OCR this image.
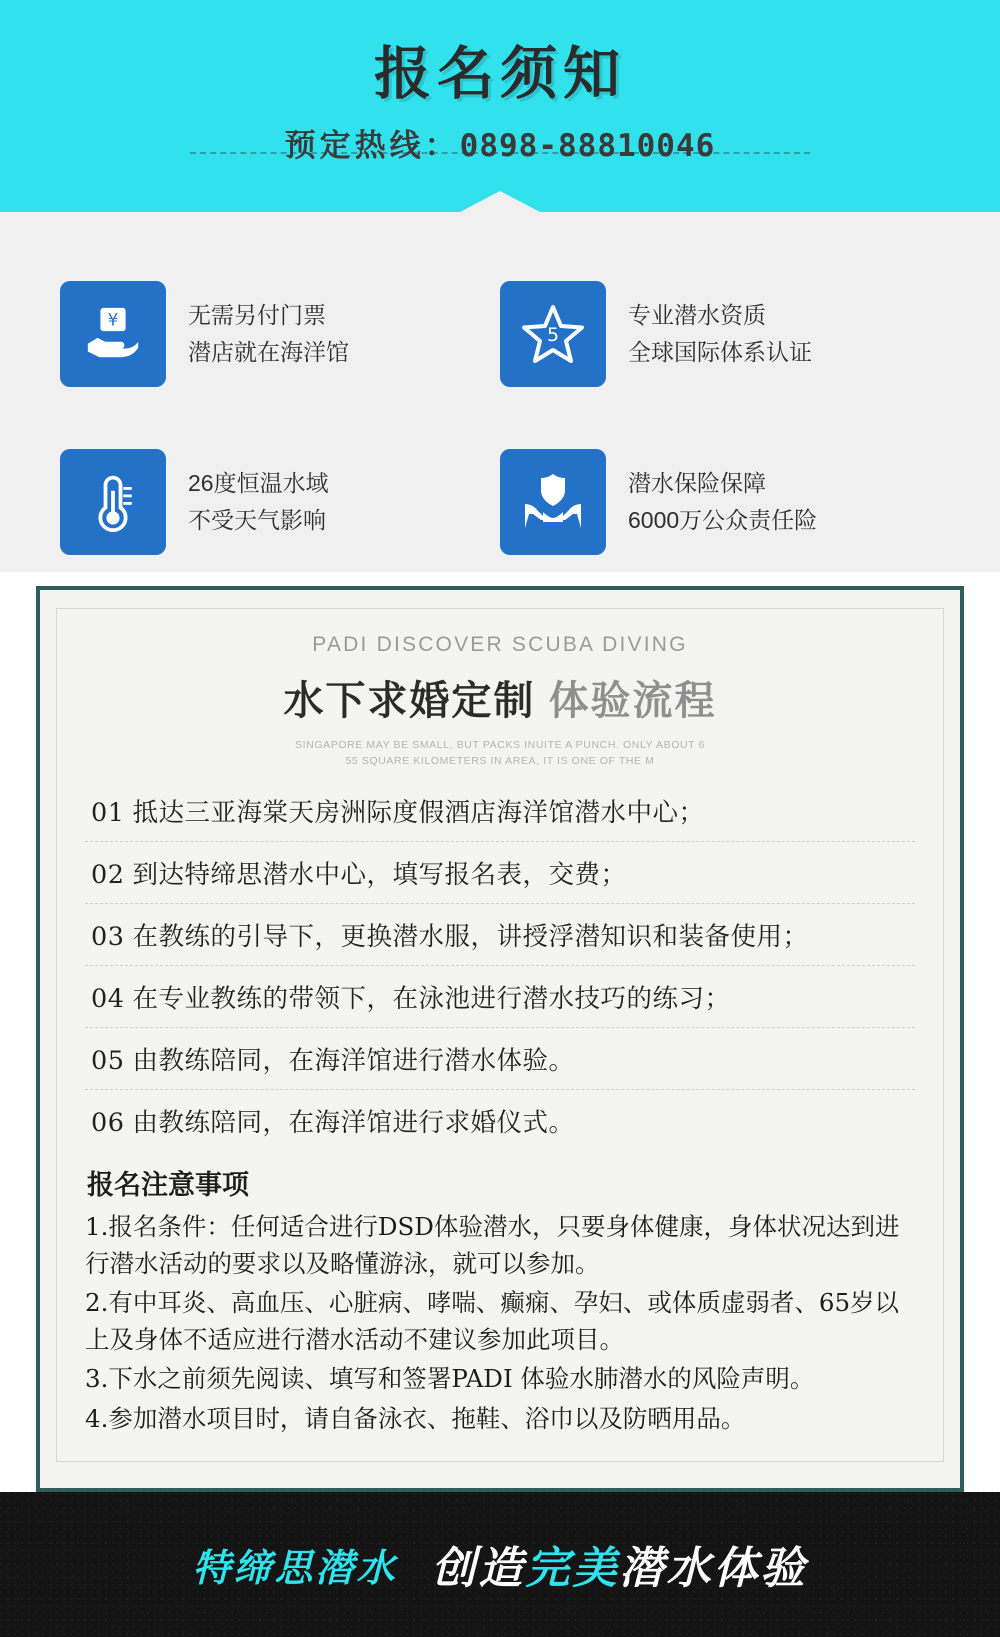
报名须知
预定热线：0898-88810046
¥	无需另付门票
潜店就在海洋馆
5
专业潜水资质
全球国际体系认证
26度恒温水域
不受天气影响
潜水保险保障
6000万公众责任险
PADI DISCOVER SCUBA DIVING
水下求婚定制 体验流程
SINGAPORE MAY BE SMALL, BUT PACKS INUITE A PUNCH. ONLY ABOUT 6
55 SQUARE KILOMETERS IN AREA, IT IS ONE OF THE M
01 抵达三亚海棠天房洲际度假酒店海洋馆潜水中心；
02 到达特缔思潜水中心，填写报名表，交费；
03 在教练的引导下，更换潜水服，讲授浮潜知识和装备使用；
04 在专业教练的带领下，在泳池进行潜水技巧的练习；
05 由教练陪同，在海洋馆进行潜水体验。
06 由教练陪同，在海洋馆进行求婚仪式。
报名注意事项
1.报名条件：任何适合进行DSD体验潜水，只要身体健康，身体状况达到进行潜水活动的要求以及略懂游泳，就可以参加。
2.有中耳炎、高血压、心脏病、哮喘、癫痫、孕妇、或体质虚弱者、65岁以上及身体不适应进行潜水活动不建议参加此项目。
3.下水之前须先阅读、填写和签署PADI 体验水肺潜水的风险声明。
4.参加潜水项目时，请自备泳衣、拖鞋、浴巾以及防晒用品。
特缔思潜水 创造完美潜水体验
